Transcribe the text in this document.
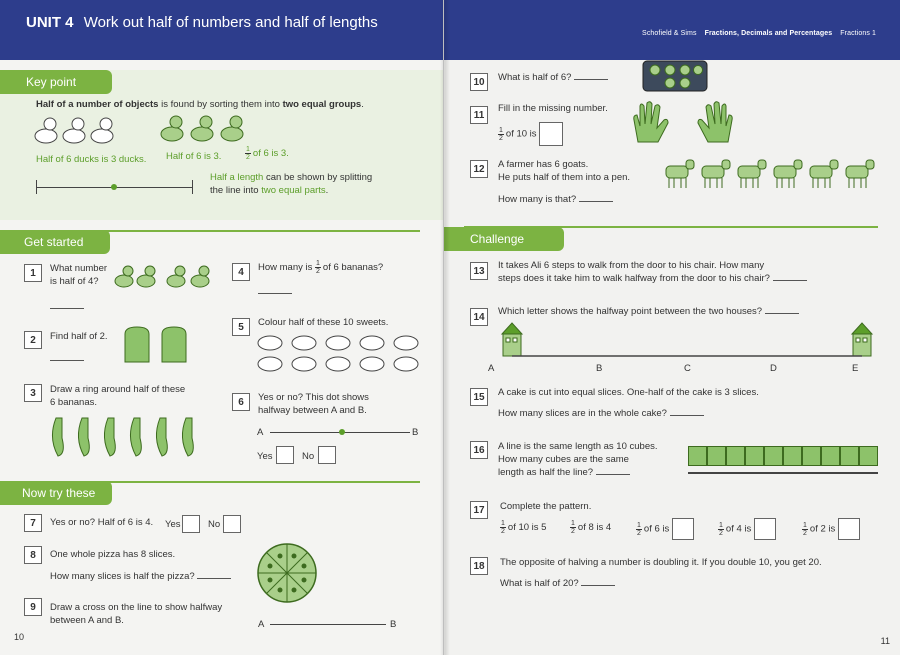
UNIT 4 Work out half of numbers and half of lengths
Key point
Half of a number of objects is found by sorting them into two equal groups.
Half of 6 ducks is 3 ducks. Half of 6 is 3.	$\frac{1}{2}$ of 6 is 3.
Half a length can be shown by splitting
the line into two equal parts.
Get started
1	What number
is half of 4?
2	Find half of 2.
3	Draw a ring around half of these
6 bananas.
4	How many is $\frac{1}{2}$ of 6 bananas?
5	Colour half of these 10 sweets.
6	Yes or no? This dot shows
halfway between A and B.
A	B
Yes	No
Now try these
7	Yes or no? Half of 6 is 4. Yes	No
8	One whole pizza has 8 slices.
How many slices is half the pizza?
9	Draw a cross on the line to show halfway
between A and B.	A	B
10
Schofield & Sims Fractions, Decimals and Percentages Fractions 1
10	What is half of 6?
11
Fill in the missing number.
$\frac{1}{2}$ of 10 is
12	A farmer has 6 goats.
He puts half of them into a pen.
How many is that?
Challenge
13
It takes Ali 6 steps to walk from the door to his chair. How many
steps does it take him to walk halfway from the door to his chair?
14
Which letter shows the halfway point between the two houses?
A	B	C	D	E
15	A cake is cut into equal slices. One-half of the cake is 3 slices.
How many slices are in the whole cake?
16	A line is the same length as 10 cubes.
How many cubes are the same
length as half the line?
17	Complete the pattern.
$\frac{1}{2}$ of 10 is 5	$\frac{1}{2}$ of 8 is 4	$\frac{1}{2}$ of 6 is	$\frac{1}{2}$ of 4 is	$\frac{1}{2}$ of 2 is
18	The opposite of halving a number is doubling it. If you double 10, you get 20.
What is half of 20?
11
